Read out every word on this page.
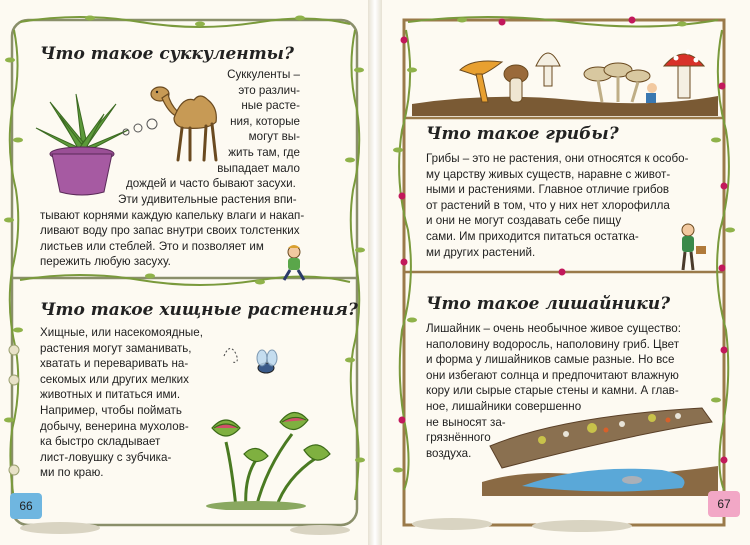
Что такое суккуленты?
Суккуленты –
это различ-
ные расте-
ния, которые
могут вы-
жить там, где
выпадает мало
дождей и часто бывают засухи.
Эти удивительные растения впи-
тывают корнями каждую капельку влаги и накап-
ливают воду про запас внутри своих толстенких
листьев или стеблей. Это и позволяет им
пережить любую засуху.
Что такое хищные растения?
Хищные, или насекомоядные,
растения могут заманивать,
хватать и переваривать на-
секомых или других мелких
животных и питаться ими.
Например, чтобы поймать
добычу, венерина мухолов-
ка быстро складывает
лист-ловушку с зубчика-
ми по краю.
66
Что такое грибы?
Грибы – это не растения, они относятся к особо-
му царству живых существ, наравне с живот-
ными и растениями. Главное отличие грибов
от растений в том, что у них нет хлорофилла
и они не могут создавать себе пищу
сами. Им приходится питаться остатка-
ми других растений.
Что такое лишайники?
Лишайник – очень необычное живое существо:
наполовину водоросль, наполовину гриб. Цвет
и форма у лишайников самые разные. Но все
они избегают солнца и предпочитают влажную
кору или сырые старые стены и камни. А глав-
ное, лишайники совершенно
не выносят за-
грязнённого
воздуха.
67
